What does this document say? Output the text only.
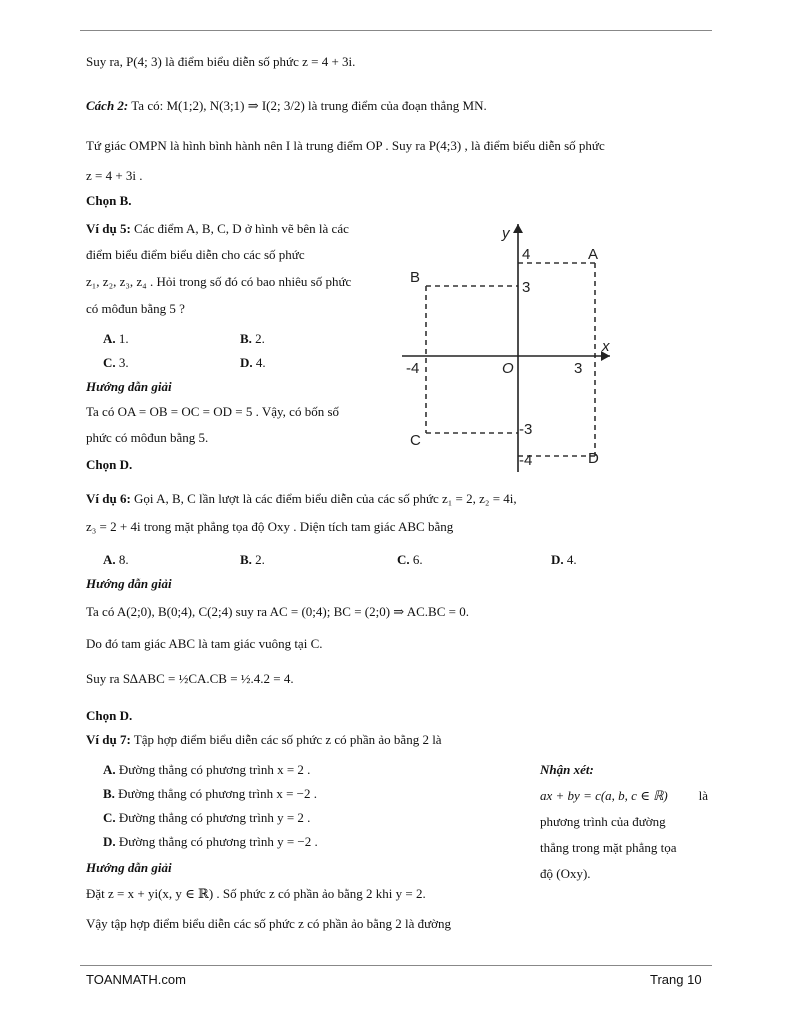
Suy ra, P(4; 3) là điểm biểu diễn số phức z = 4 + 3i.
Cách 2: Ta có: M(1;2), N(3;1) ⇒ I(2; 3/2) là trung điểm của đoạn thẳng MN.
Tứ giác OMPN là hình bình hành nên I là trung điểm OP . Suy ra P(4;3) , là điểm biểu diễn số phức
z = 4 + 3i .
Chọn B.
Ví dụ 5: Các điểm A, B, C, D ở hình vẽ bên là các
điểm biểu điểm biểu diễn cho các số phức
z₁, z₂, z₃, z₄ . Hỏi trong số đó có bao nhiêu số phức
có môđun bằng 5 ?
A. 1.	B. 2.
C. 3.	D. 4.
Hướng dẫn giải
Ta có OA = OB = OC = OD = 5 . Vậy, có bốn số
phức có môđun bằng 5.
Chọn D.
y
x
O
4
3
-3
-4
-4	3
A
B
C
D
Ví dụ 6: Gọi A, B, C lần lượt là các điểm biểu diễn của các số phức z₁ = 2, z₂ = 4i,
z₃ = 2 + 4i trong mặt phẳng tọa độ Oxy . Diện tích tam giác ABC bằng
A. 8.	B. 2.	C. 6.	D. 4.
Hướng dẫn giải
Ta có A(2;0), B(0;4), C(2;4) suy ra AC = (0;4); BC = (2;0) ⇒ AC.BC = 0.
Do đó tam giác ABC là tam giác vuông tại C.
Suy ra S∆ABC = ½CA.CB = ½.4.2 = 4.
Chọn D.
Ví dụ 7: Tập hợp điểm biểu diễn các số phức z có phần ảo bằng 2 là
A. Đường thẳng có phương trình x = 2 .
B. Đường thẳng có phương trình x = −2 .
C. Đường thẳng có phương trình y = 2 .
D. Đường thẳng có phương trình y = −2 .
Hướng dẫn giải
Đặt z = x + yi(x, y ∈ ℝ) . Số phức z có phần ảo bằng 2 khi y = 2.
Vậy tập hợp điểm biểu diễn các số phức z có phần ảo bằng 2 là đường
Nhận xét:
ax + by = c(a, b, c ∈ ℝ) là
phương trình của đường
thẳng trong mặt phẳng tọa
độ (Oxy).
TOANMATH.com	Trang 10
